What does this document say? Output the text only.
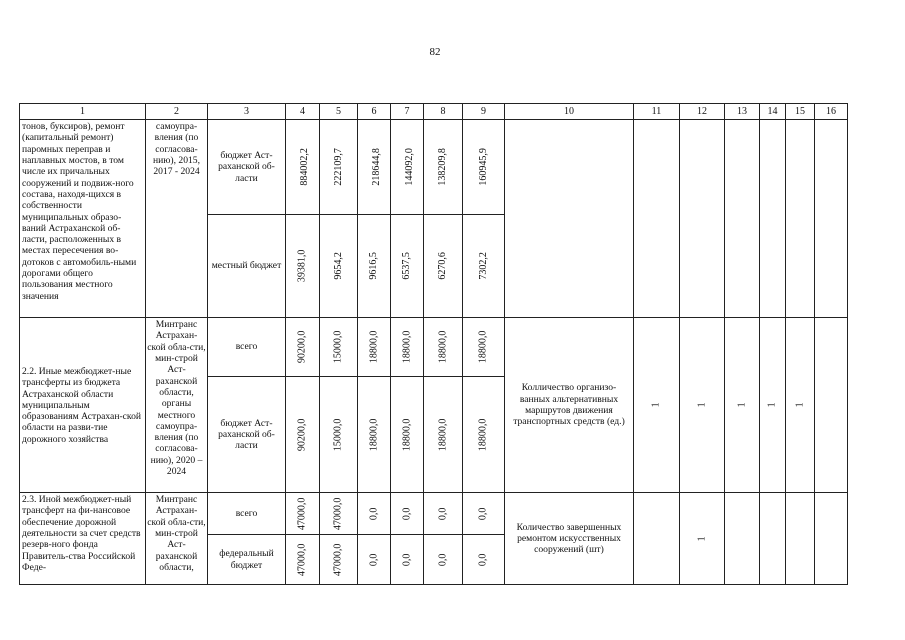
82
1	2	3	4	5	6	7	8	9	10	11	12	13	14	15	16
тонов, буксиров), ремонт (капитальный ремонт) паромных переправ и наплавных мостов, в том числе их причальных сооружений и подвиж-ного состава, находя-щихся в собственности муниципальных образо-ваний Астраханской об-ласти, расположенных в местах пересечения во-дотоков с автомобиль-ными дорогами общего пользования местного значения	самоупра-вления (по согласова-нию), 2015, 2017 - 2024	бюджет Аст-раханской об-ласти	884002,2	222109,7	218644,8	144092,0	138209,8	160945,9							
		местный бюджет	39381,0	9654,2	9616,5	6537,5	6270,6	7302,2							
2.2. Иные межбюджет-ные трансферты из бюджета Астраханской области муниципальным образованиям Астрахан-ской области на разви-тие дорожного хозяйства	Минтранс Астрахан-ской обла-сти, мин-строй Аст-раханской области, органы местного самоупра-вления (по согласова-нию), 2020 – 2024	всего	90200,0	15000,0	18800,0	18800,0	18800,0	18800,0	Колличество организо-ванных альтернативных маршрутов движения транспортных средств (ед.)	1	1	1	1	1	
		бюджет Аст-раханской об-ласти	90200,0	15000,0	18800,0	18800,0	18800,0	18800,0							
2.3. Иной межбюджет-ный трансферт на фи-нансовое обеспечение дорожной деятельности за счет средств резерв-ного фонда Правитель-ства Российской Феде-	Минтранс Астрахан-ской обла-сти, мин-строй Аст-раханской области,	всего	47000,0	47000,0	0,0	0,0	0,0	0,0	Количество завершенных ремонтом искусственных сооружений (шт)		1				
		федеральный бюджет	47000,0	47000,0	0,0	0,0	0,0	0,0							
